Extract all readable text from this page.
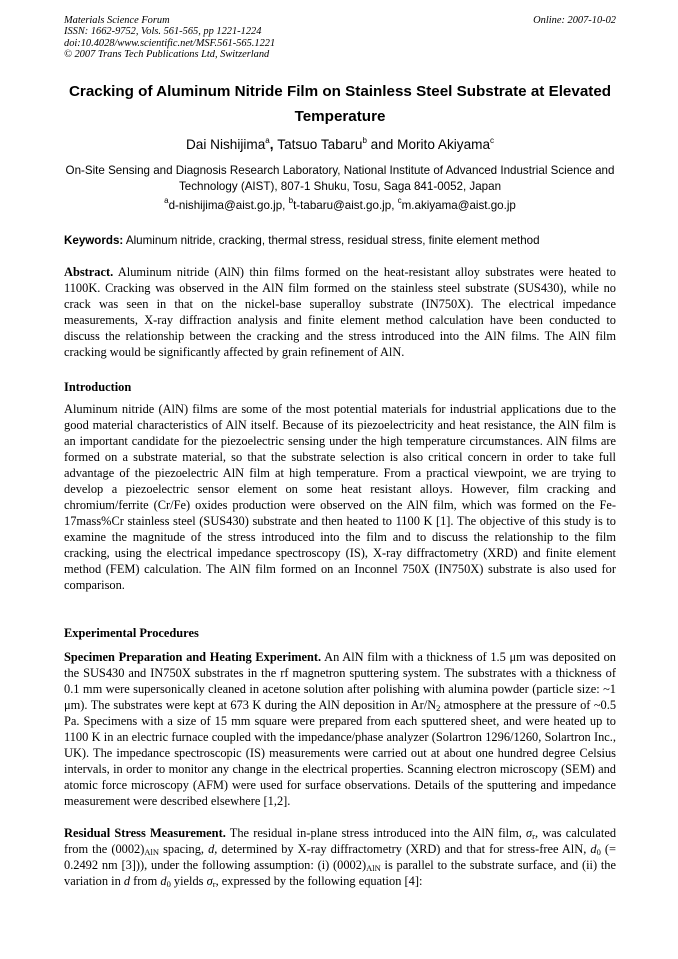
Materials Science Forum
ISSN: 1662-9752, Vols. 561-565, pp 1221-1224
doi:10.4028/www.scientific.net/MSF.561-565.1221
© 2007 Trans Tech Publications Ltd, Switzerland
Online: 2007-10-02
Cracking of Aluminum Nitride Film on Stainless Steel Substrate at Elevated Temperature
Dai Nishijima$^a$, Tatsuo Tabaru$^b$ and Morito Akiyama$^c$
On-Site Sensing and Diagnosis Research Laboratory, National Institute of Advanced Industrial Science and Technology (AIST), 807-1 Shuku, Tosu, Saga 841-0052, Japan
$^a$d-nishijima@aist.go.jp, $^b$t-tabaru@aist.go.jp, $^c$m.akiyama@aist.go.jp
Keywords: Aluminum nitride, cracking, thermal stress, residual stress, finite element method
Abstract. Aluminum nitride (AlN) thin films formed on the heat-resistant alloy substrates were heated to 1100K. Cracking was observed in the AlN film formed on the stainless steel substrate (SUS430), while no crack was seen in that on the nickel-base superalloy substrate (IN750X). The electrical impedance measurements, X-ray diffraction analysis and finite element method calculation have been conducted to discuss the relationship between the cracking and the stress introduced into the AlN films. The AlN film cracking would be significantly affected by grain refinement of AlN.
Introduction
Aluminum nitride (AlN) films are some of the most potential materials for industrial applications due to the good material characteristics of AlN itself. Because of its piezoelectricity and heat resistance, the AlN film is an important candidate for the piezoelectric sensing under the high temperature circumstances. AlN films are formed on a substrate material, so that the substrate selection is also critical concern in order to take full advantage of the piezoelectric AlN film at high temperature. From a practical viewpoint, we are trying to develop a piezoelectric sensor element on some heat resistant alloys. However, film cracking and chromium/ferrite (Cr/Fe) oxides production were observed on the AlN film, which was formed on the Fe-17mass%Cr stainless steel (SUS430) substrate and then heated to 1100 K [1]. The objective of this study is to examine the magnitude of the stress introduced into the film and to discuss the relationship to the film cracking, using the electrical impedance spectroscopy (IS), X-ray diffractometry (XRD) and finite element method (FEM) calculation. The AlN film formed on an Inconnel 750X (IN750X) substrate is also used for comparison.
Experimental Procedures
Specimen Preparation and Heating Experiment. An AlN film with a thickness of 1.5 μm was deposited on the SUS430 and IN750X substrates in the rf magnetron sputtering system. The substrates with a thickness of 0.1 mm were supersonically cleaned in acetone solution after polishing with alumina powder (particle size: ~1 μm). The substrates were kept at 673 K during the AlN deposition in $Ar/N_2$ atmosphere at the pressure of ~0.5 Pa. Specimens with a size of 15 mm square were prepared from each sputtered sheet, and were heated up to 1100 K in an electric furnace coupled with the impedance/phase analyzer (Solartron 1296/1260, Solartron Inc., UK). The impedance spectroscopic (IS) measurements were carried out at about one hundred degree Celsius intervals, in order to monitor any change in the electrical properties. Scanning electron microscopy (SEM) and atomic force microscopy (AFM) were used for surface observations. Details of the sputtering and impedance measurement were described elsewhere [1,2].
Residual Stress Measurement. The residual in-plane stress introduced into the AlN film, $\sigma_r$, was calculated from the $(0002)_{AlN}$ spacing, d, determined by X-ray diffractometry (XRD) and that for stress-free AlN, $d_0$ (= 0.2492 nm [3])), under the following assumption: (i) $(0002)_{AlN}$ is parallel to the substrate surface, and (ii) the variation in d from $d_0$ yields $\sigma_r$, expressed by the following equation [4]:
